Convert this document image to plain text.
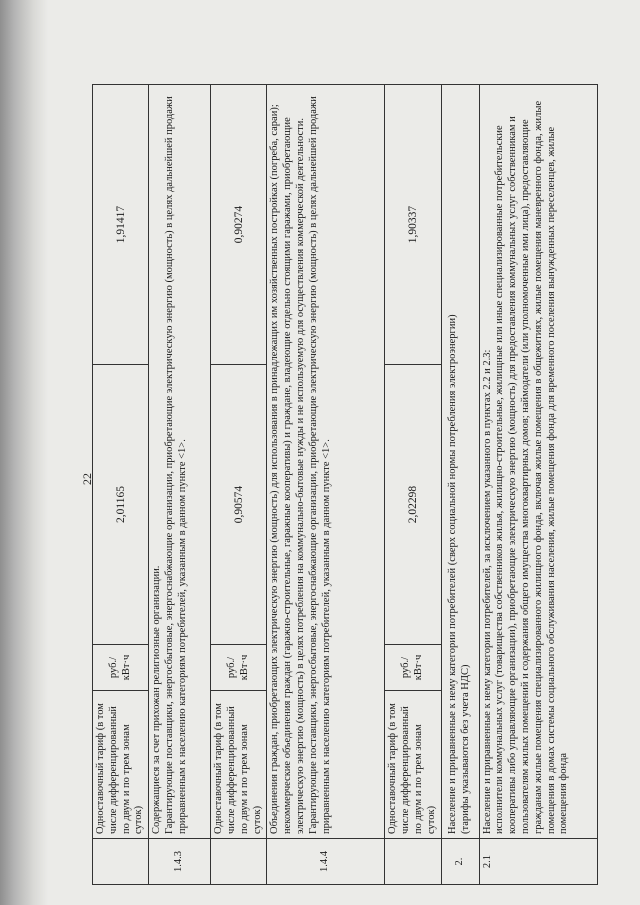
22
	Одноставочный тариф (в том числе дифференцированный по двум и по трем зонам суток)	руб./кВт·ч	2,01165	1,91417
1.4.3	Содержащиеся за счет прихожан религиозные организации.
Гарантирующие поставщики, энергосбытовые, энергоснабжающие организации, приобретающие электрическую энергию (мощность) в целях дальнейшей продажи приравненным к населению категориям потребителей, указанным в данном пункте <1>.			
	Одноставочный тариф (в том числе дифференцированный по двум и по трем зонам суток)	руб./кВт·ч	0,90574	0,90274
1.4.4	Объединения граждан, приобретающих электрическую энергию (мощность) для использования в принадлежащих им хозяйственных постройках (погреба, сараи); некоммерческие объединения граждан (гаражно-строительные, гаражные кооперативы) и граждане, владеющие отдельно стоящими гаражами, приобретающие электрическую энергию (мощность) в целях потребления на коммунально-бытовые нужды и не используемую для осуществления коммерческой деятельности.
Гарантирующие поставщики, энергосбытовые, энергоснабжающие организации, приобретающие электрическую энергию (мощность) в целях дальнейшей продажи приравненным к населению категориям потребителей, указанным в данном пункте <1>.			
	Одноставочный тариф (в том числе дифференцированный по двум и по трем зонам суток)	руб./кВт·ч	2,02298	1,90337
2.	Население и приравненные к нему категории потребителей (сверх социальной нормы потребления электроэнергии)
(тарифы указываются без учета НДС)			
2.1	Население и приравненные к нему категории потребителей, за исключением указанного в пунктах 2.2 и 2.3:
исполнители коммунальных услуг (товарищества собственников жилья, жилищно-строительные, жилищные или иные специализированные потребительские кооперативы либо управляющие организации), приобретающие электрическую энергию (мощность) для предоставления коммунальных услуг собственникам и пользователям жилых помещений и содержания общего имущества многоквартирных домов; наймодатели (или уполномоченные ими лица), предоставляющие гражданам жилые помещения специализированного жилищного фонда, включая жилые помещения в общежитиях, жилые помещения маневренного фонда, жилые помещения в домах системы социального обслуживания населения, жилые помещения фонда для временного поселения вынужденных переселенцев, жилые помещения фонда			
